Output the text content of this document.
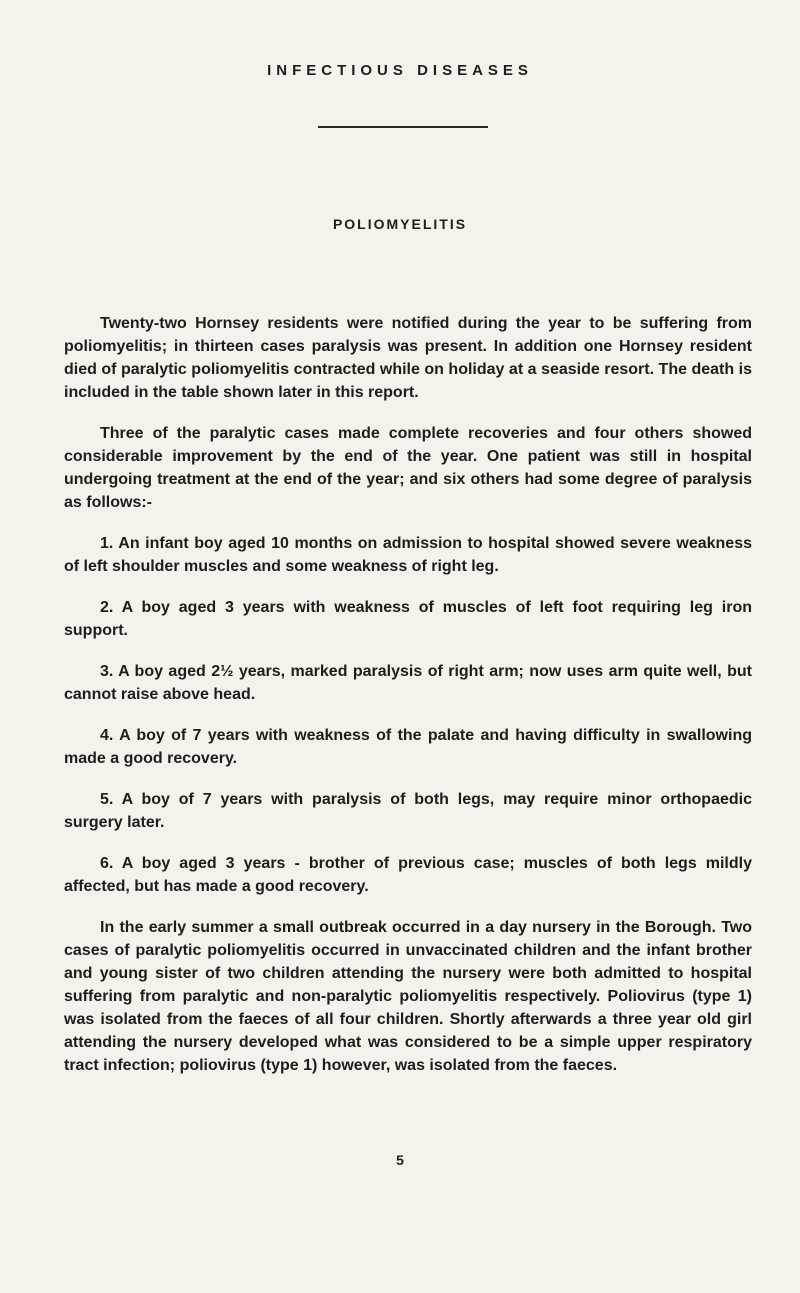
INFECTIOUS DISEASES
POLIOMYELITIS

Twenty-two Hornsey residents were notified during the year to be suffering from poliomyelitis; in thirteen cases paralysis was present. In addition one Hornsey resident died of paralytic poliomyelitis contracted while on holiday at a seaside resort. The death is included in the table shown later in this report.

Three of the paralytic cases made complete recoveries and four others showed considerable improvement by the end of the year. One patient was still in hospital undergoing treatment at the end of the year; and six others had some degree of paralysis as follows:-

1. An infant boy aged 10 months on admission to hospital showed severe weakness of left shoulder muscles and some weakness of right leg.

2. A boy aged 3 years with weakness of muscles of left foot requiring leg iron support.

3. A boy aged 2½ years, marked paralysis of right arm; now uses arm quite well, but cannot raise above head.

4. A boy of 7 years with weakness of the palate and having difficulty in swallowing made a good recovery.

5. A boy of 7 years with paralysis of both legs, may require minor orthopaedic surgery later.

6. A boy aged 3 years - brother of previous case; muscles of both legs mildly affected, but has made a good recovery.

In the early summer a small outbreak occurred in a day nursery in the Borough. Two cases of paralytic poliomyelitis occurred in unvaccinated children and the infant brother and young sister of two children attending the nursery were both admitted to hospital suffering from paralytic and non-paralytic poliomyelitis respectively. Poliovirus (type 1) was isolated from the faeces of all four children. Shortly afterwards a three year old girl attending the nursery developed what was considered to be a simple upper respiratory tract infection; poliovirus (type 1) however, was isolated from the faeces.

5
